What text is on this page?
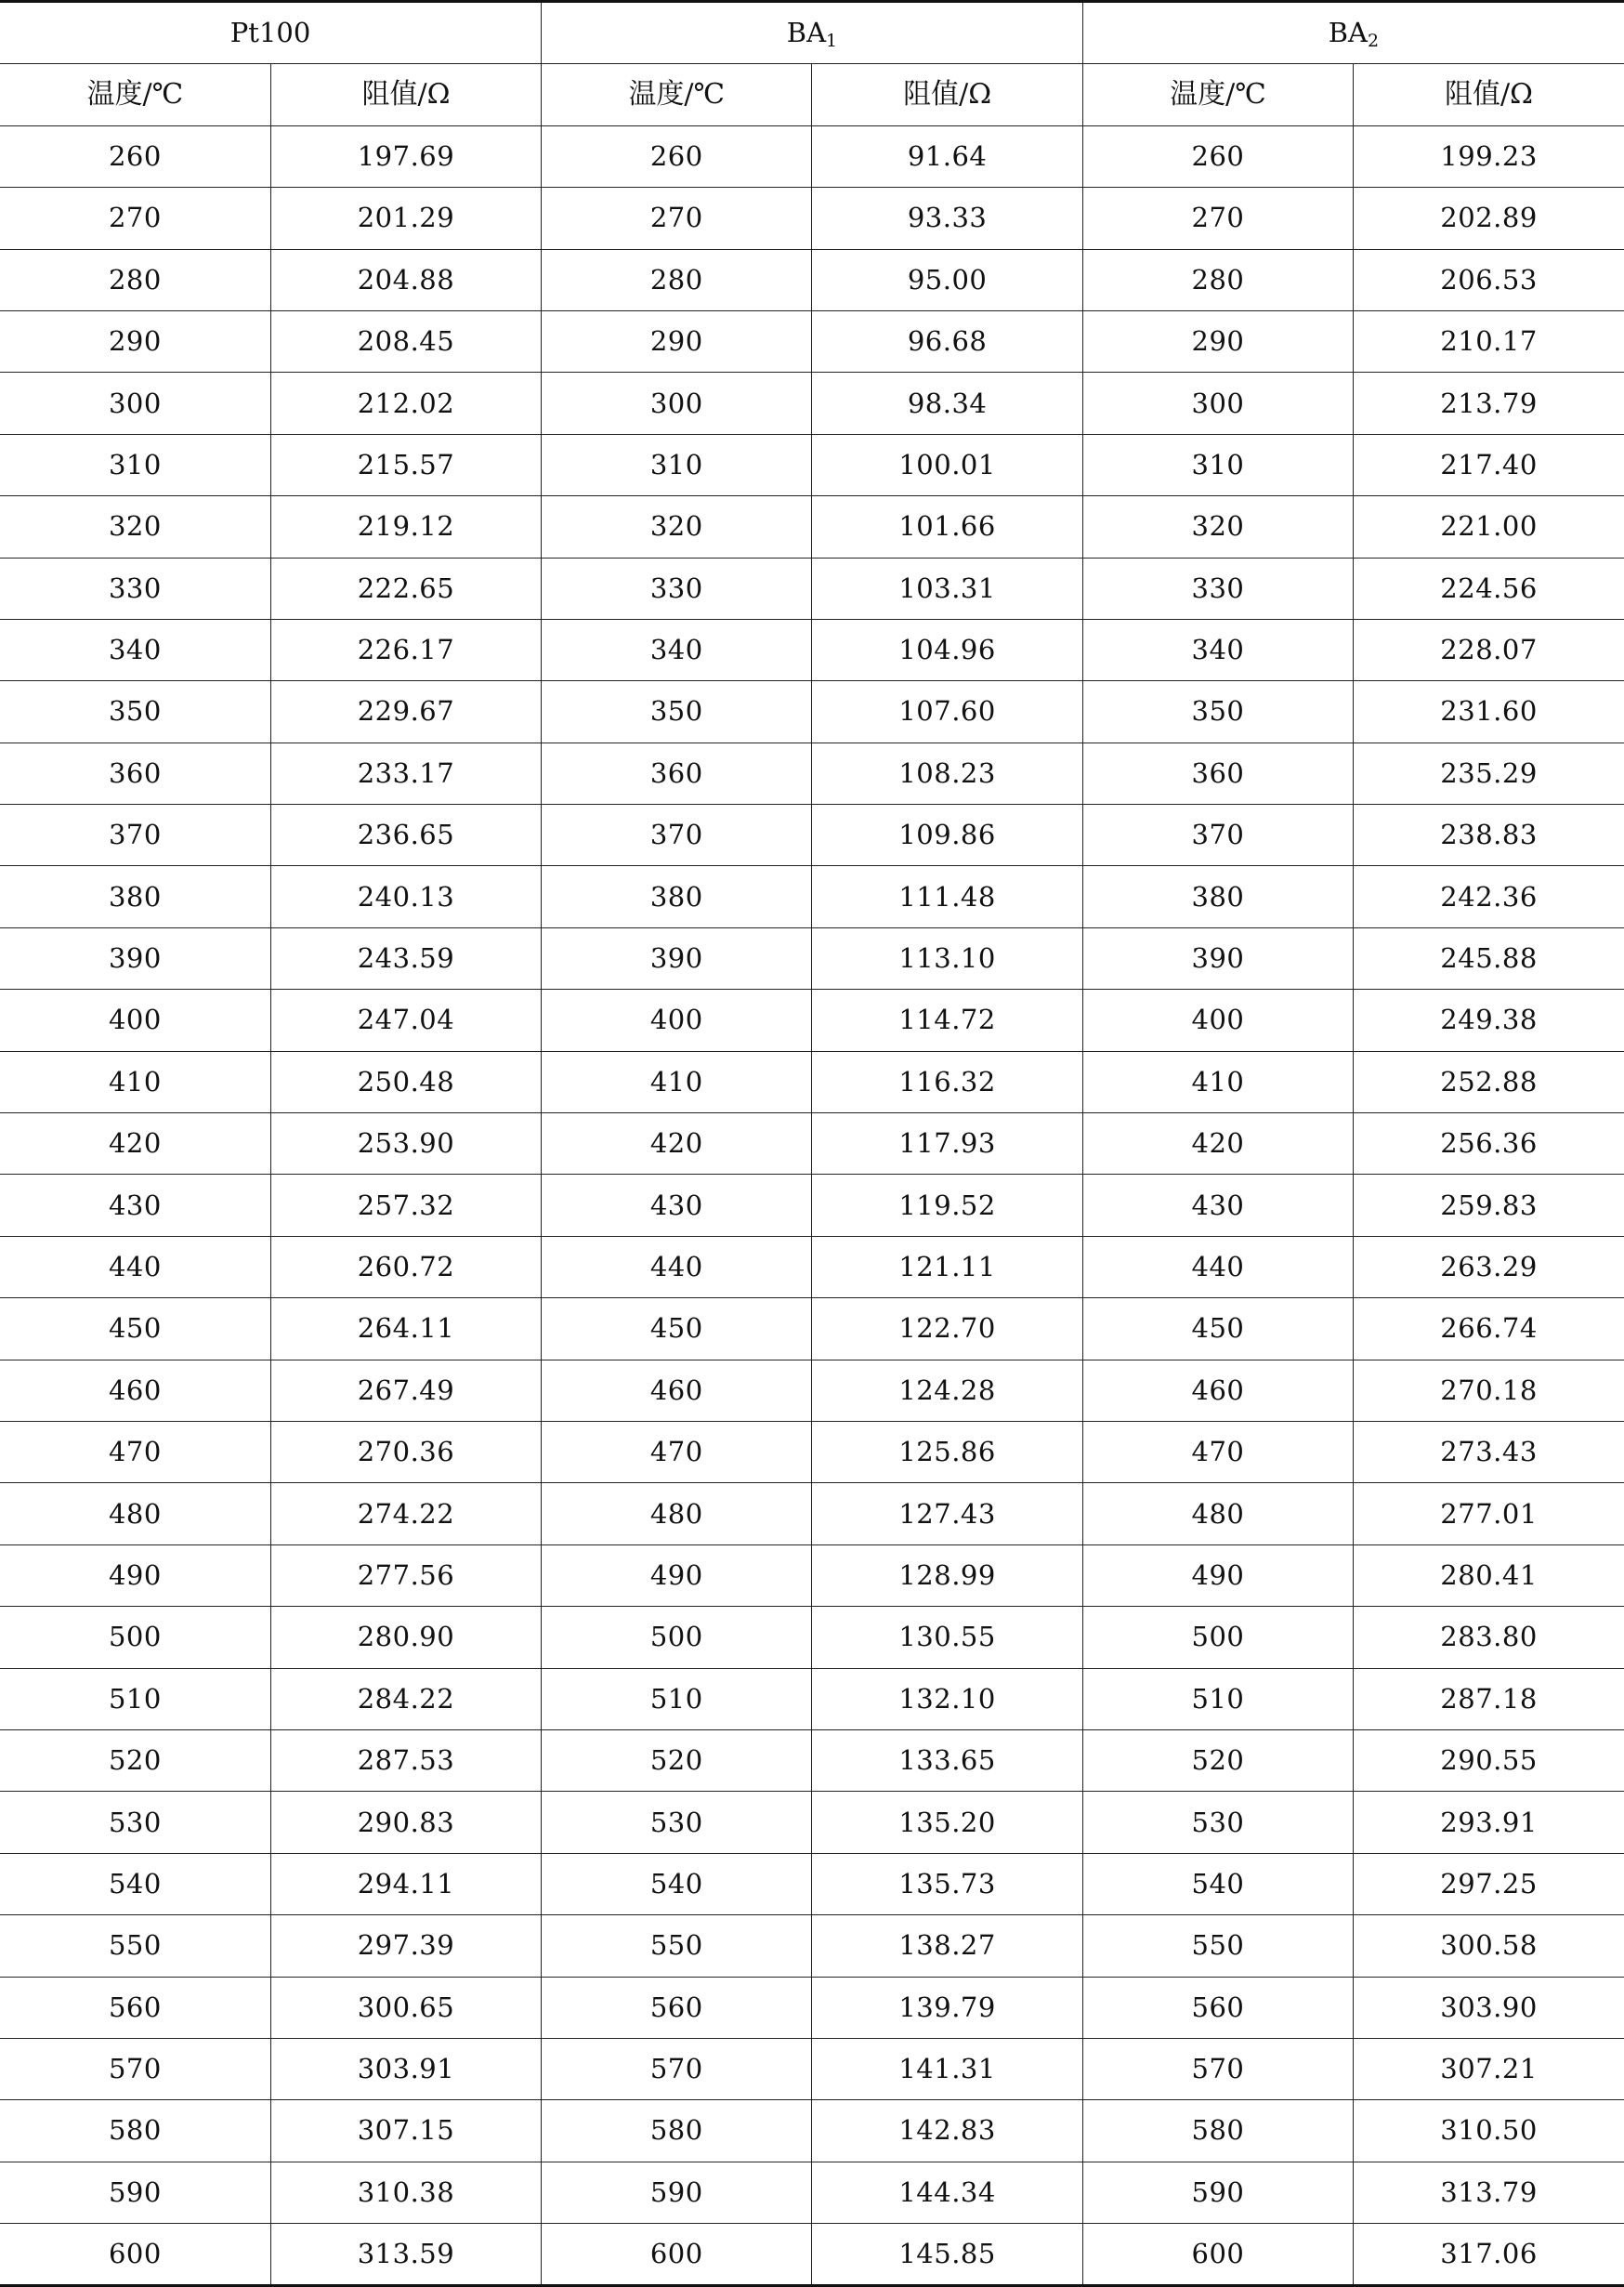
Pt100		$BA_1$		$BA_2$
温度/℃	阻值/Ω	温度/℃	阻值/Ω	温度/℃	阻值/Ω
260	197.69	260	91.64	260	199.23
270	201.29	270	93.33	270	202.89
280	204.88	280	95.00	280	206.53
290	208.45	290	96.68	290	210.17
300	212.02	300	98.34	300	213.79
310	215.57	310	100.01	310	217.40
320	219.12	320	101.66	320	221.00
330	222.65	330	103.31	330	224.56
340	226.17	340	104.96	340	228.07
350	229.67	350	107.60	350	231.60
360	233.17	360	108.23	360	235.29
370	236.65	370	109.86	370	238.83
380	240.13	380	111.48	380	242.36
390	243.59	390	113.10	390	245.88
400	247.04	400	114.72	400	249.38
410	250.48	410	116.32	410	252.88
420	253.90	420	117.93	420	256.36
430	257.32	430	119.52	430	259.83
440	260.72	440	121.11	440	263.29
450	264.11	450	122.70	450	266.74
460	267.49	460	124.28	460	270.18
470	270.36	470	125.86	470	273.43
480	274.22	480	127.43	480	277.01
490	277.56	490	128.99	490	280.41
500	280.90	500	130.55	500	283.80
510	284.22	510	132.10	510	287.18
520	287.53	520	133.65	520	290.55
530	290.83	530	135.20	530	293.91
540	294.11	540	135.73	540	297.25
550	297.39	550	138.27	550	300.58
560	300.65	560	139.79	560	303.90
570	303.91	570	141.31	570	307.21
580	307.15	580	142.83	580	310.50
590	310.38	590	144.34	590	313.79
600	313.59	600	145.85	600	317.06
